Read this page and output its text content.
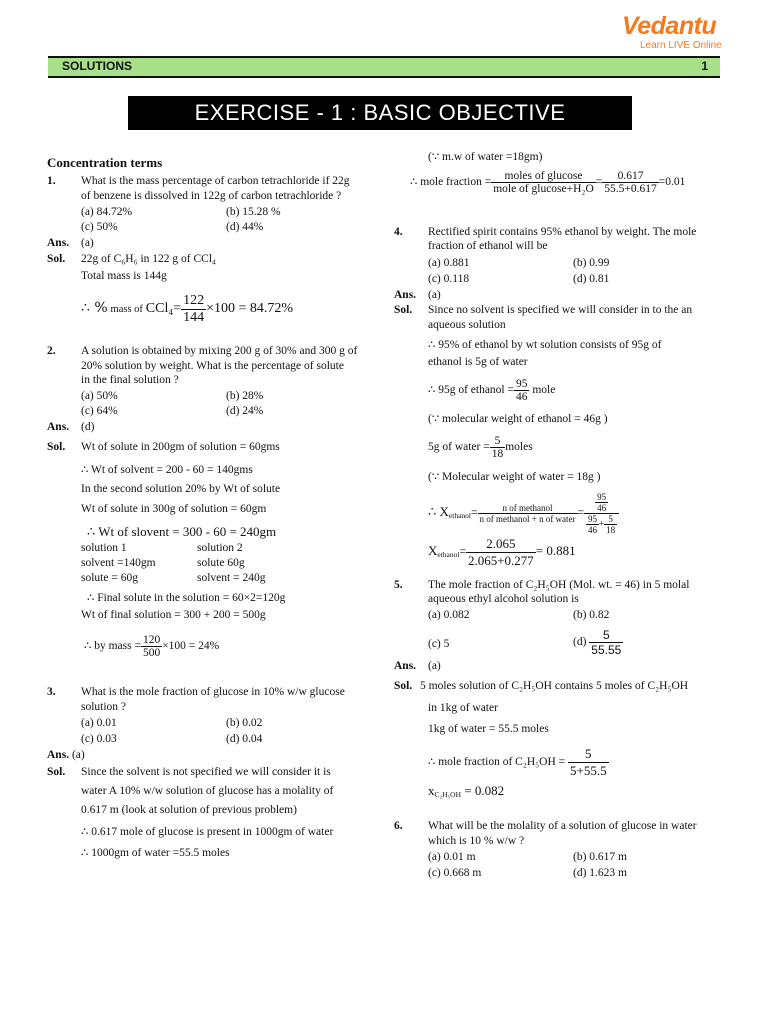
Vedantu
Learn LIVE Online
SOLUTIONS	1
EXERCISE - 1 : BASIC OBJECTIVE QUESTIONS
Concentration terms
1. What is the mass percentage of carbon tetrachloride if 22g
of benzene is dissolved in 122g of carbon tetrachloride ?
(a) 84.72%	(b) 15.28 %
(c) 50%	(d) 44%
Ans. (a)
Sol. 22g of C₆H₆ in 122 g of CCl₄
Total mass is 144g
∴ % mass of $CCl_4= \frac{122}{144} \times 100 = 84.72\%$
2. A solution is obtained by mixing 200 g of 30% and 300 g of
20% solution by weight. What is the percentage of solute
in the final solution ?
(a) 50%	(b) 28%
(c) 64%	(d) 24%
Ans. (d)
Sol. Wt of solute in 200gm of solution = 60gms
∴ Wt of solvent = 200 - 60 = 140gms
In the second solution 20% by Wt of solute
Wt of solute in 300g of solution = 60gm
∴ Wt of slovent = 300 - 60 = 240gm
solution 1	solution 2
solvent =140gm	solute 60g
solute = 60g	solvent = 240g
∴ Final solute in the solution = 60×2=120g
Wt of final solution = 300 + 200 = 500g
∴ by mass = $\frac{120}{500} \times 100 = 24\%$
3. What is the mole fraction of glucose in 10% w/w glucose
solution ?
(a) 0.01	(b) 0.02
(c) 0.03	(d) 0.04
Ans. (a)
Sol. Since the solvent is not specified we will consider it is
water A 10% w/w solution of glucose has a molality of
0.617 m (look at solution of previous problem)
∴ 0.617 mole of glucose is present in 1000gm of water
∴ 1000gm of water =55.5 moles
(∵ m.w of water =18gm)
∴ mole fraction = $\frac{\text{moles of glucose}}{\text{mole of glucose+H₂O}} = \frac{0.617}{55.5+0.617} =0.01$
4. Rectified spirit contains 95% ethanol by weight. The mole
fraction of ethanol will be
(a) 0.881	(b) 0.99
(c) 0.118	(d) 0.81
Ans. (a)
Sol. Since no solvent is specified we will consider in to the an
aqueous solution
∴ 95% of ethanol by wt solution consists of 95g of
ethanol is 5g of water
∴ 95g of ethanol = $\frac{95}{46}$ mole
(∵ molecular weight of ethanol = 46g )
5g of water = $\frac{5}{18}$ moles
(∵ Molecular weight of water = 18g )
∴ $X_{ethanol}= \frac{\text{n of methanol}}{\text{n of methanol + n of water}} = \frac{\frac{95}{46}}{\frac{95}{46} + \frac{5}{18}}$
$X_{ethanol}= \frac{2.065}{2.065+0.277} = 0.881$
5. The mole fraction of C₂H₅OH (Mol. wt. = 46) in 5 molal
aqueous ethyl alcohol solution is
(a) 0.082	(b) 0.82
(c) 5	$(d) \frac{5}{55.55}$
Ans. (a)
Sol. 5 moles solution of C₂H₅OH contains 5 moles of C₂H₅OH
in 1kg of water
1kg of water = 55.5 moles
∴ mole fraction of $C_2H_5OH = \frac{5}{5+55.5}$
$x_{C_2H_5OH} = 0.082$
6. What will be the molality of a solution of glucose in water
which is 10 % w/w ?
(a) 0.01 m	(b) 0.617 m
(c) 0.668 m	(d) 1.623 m
